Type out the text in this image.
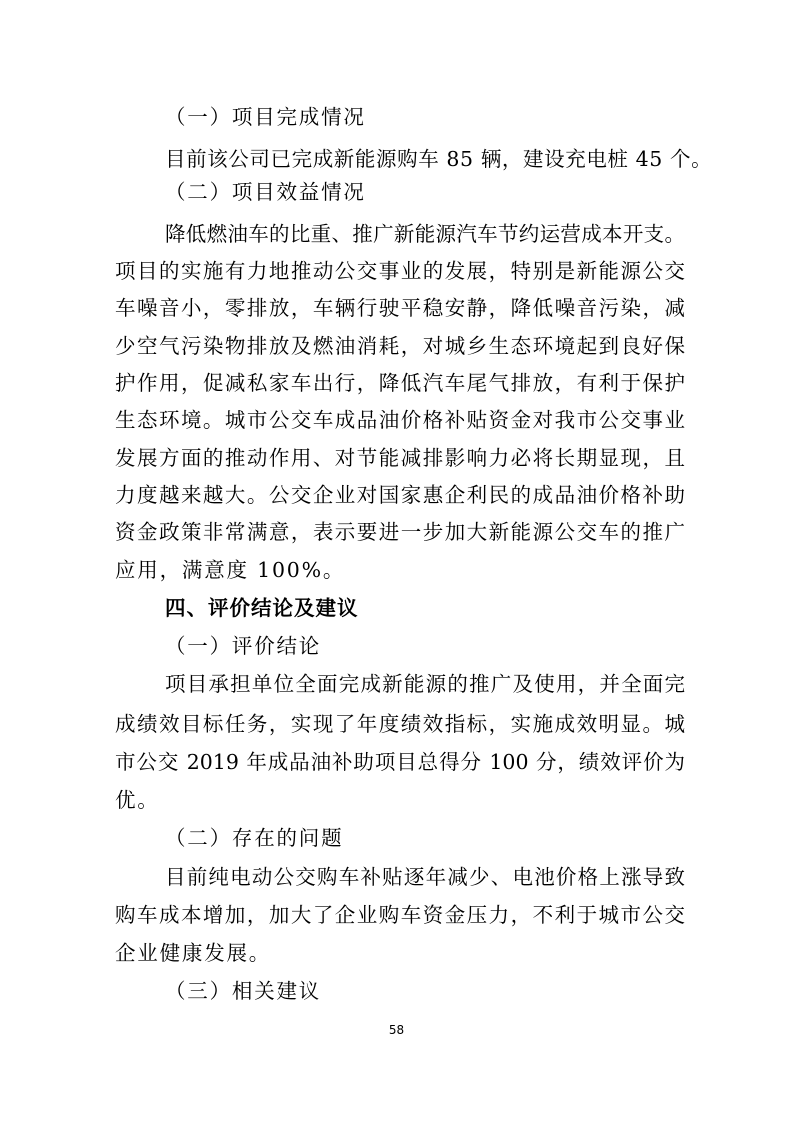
（一）项目完成情况
目前该公司已完成新能源购车 85 辆，建设充电桩 45 个。
（二）项目效益情况
降低燃油车的比重、推广新能源汽车节约运营成本开支。
项目的实施有力地推动公交事业的发展，特别是新能源公交
车噪音小，零排放，车辆行驶平稳安静，降低噪音污染，减
少空气污染物排放及燃油消耗，对城乡生态环境起到良好保
护作用，促减私家车出行，降低汽车尾气排放，有利于保护
生态环境。城市公交车成品油价格补贴资金对我市公交事业
发展方面的推动作用、对节能减排影响力必将长期显现，且
力度越来越大。公交企业对国家惠企利民的成品油价格补助
资金政策非常满意，表示要进一步加大新能源公交车的推广
应用，满意度 100%。
四、评价结论及建议
（一）评价结论
项目承担单位全面完成新能源的推广及使用，并全面完
成绩效目标任务，实现了年度绩效指标，实施成效明显。城
市公交 2019 年成品油补助项目总得分 100 分，绩效评价为
优。
（二）存在的问题
目前纯电动公交购车补贴逐年减少、电池价格上涨导致
购车成本增加，加大了企业购车资金压力，不利于城市公交
企业健康发展。
（三）相关建议
58
